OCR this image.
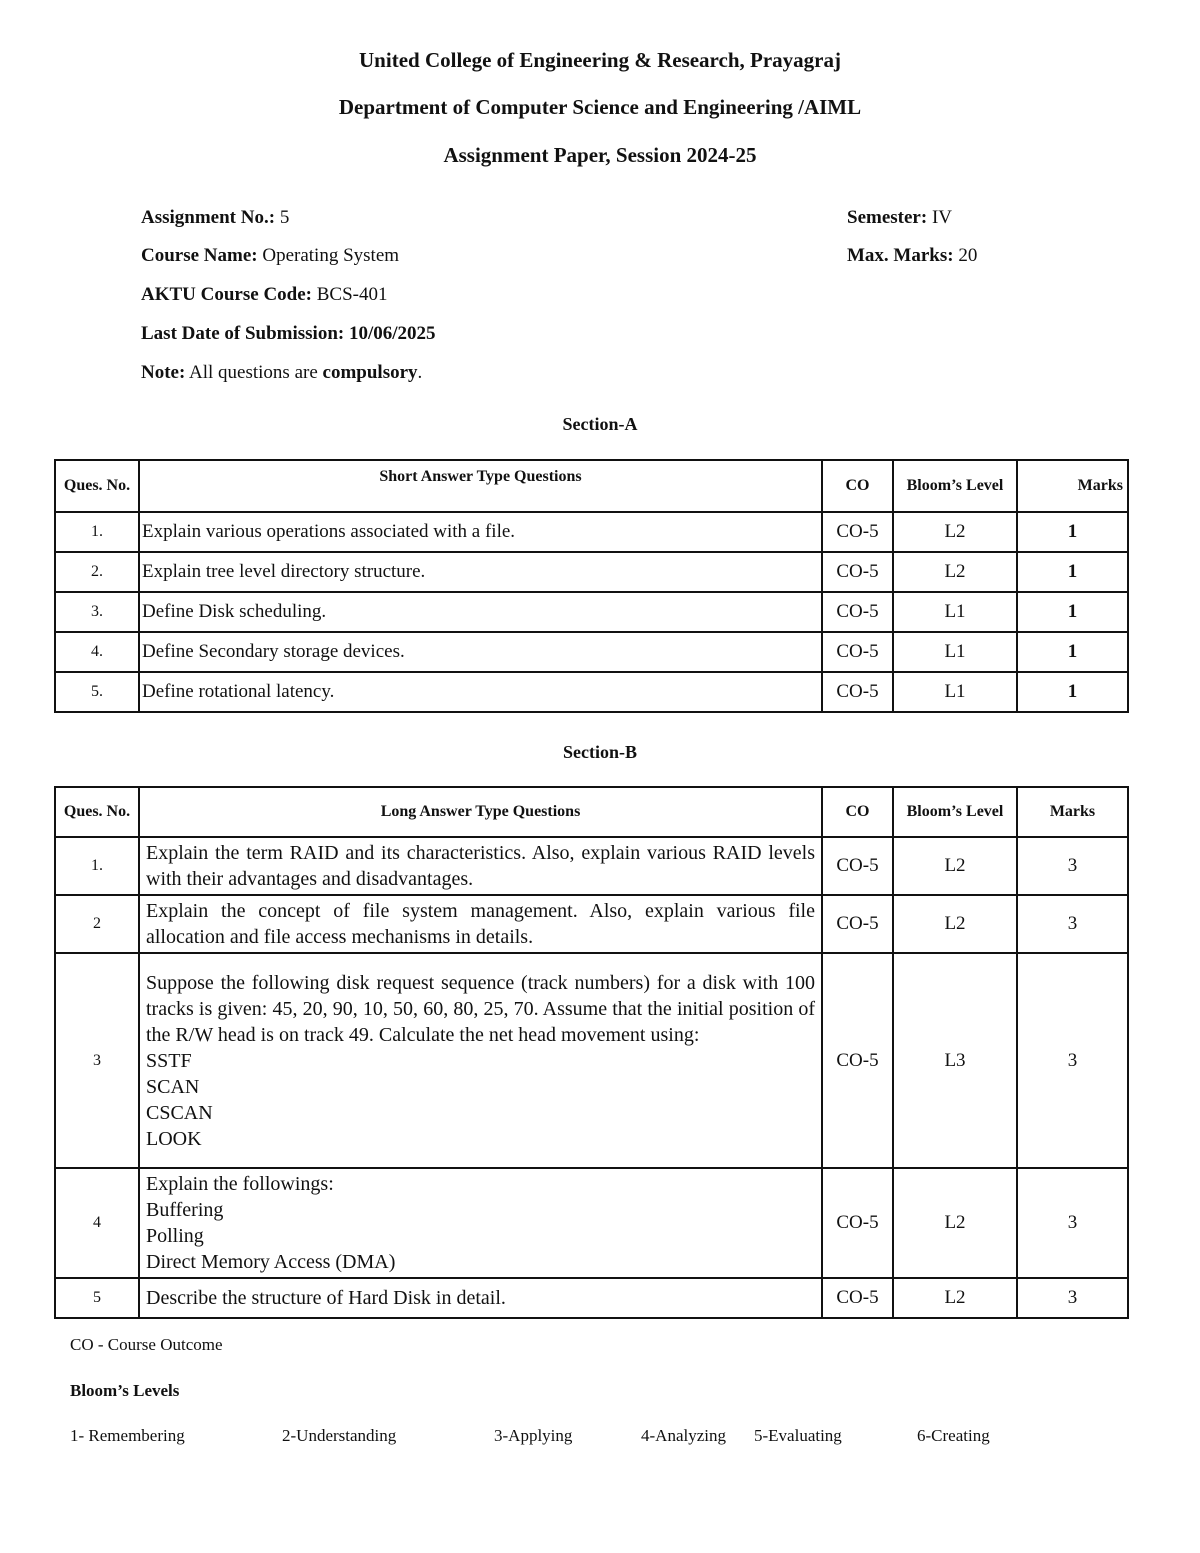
United College of Engineering & Research, Prayagraj
Department of Computer Science and Engineering /AIML
Assignment Paper, Session 2024-25
Assignment No.: 5	Semester: IV
Course Name: Operating System	Max. Marks: 20
AKTU Course Code: BCS-401
Last Date of Submission: 10/06/2025
Note: All questions are compulsory.
Section-A
Ques. No.	Short Answer Type Questions	CO	Bloom’s Level	Marks
1.	Explain various operations associated with a file.	CO-5	L2	1
2.	Explain tree level directory structure.	CO-5	L2	1
3.	Define Disk scheduling.	CO-5	L1	1
4.	Define Secondary storage devices.	CO-5	L1	1
5.	Define rotational latency.	CO-5	L1	1
Section-B
Ques. No.	Long Answer Type Questions	CO	Bloom’s Level	Marks
1.	Explain the term RAID and its characteristics. Also, explain various RAID levels with their advantages and disadvantages.	CO-5	L2	3
2	Explain the concept of file system management. Also, explain various file allocation and file access mechanisms in details.	CO-5	L2	3
3	Suppose the following disk request sequence (track numbers) for a disk with 100 tracks is given: 45, 20, 90, 10, 50, 60, 80, 25, 70. Assume that the initial position of the R/W head is on track 49. Calculate the net head movement using:
SSTF
SCAN
CSCAN
LOOK	CO-5	L3	3
4	Explain the followings:
Buffering
Polling
Direct Memory Access (DMA)	CO-5	L2	3
5	Describe the structure of Hard Disk in detail.	CO-5	L2	3
CO - Course Outcome
Bloom’s Levels
1- Remembering	2-Understanding	3-Applying	4-Analyzing 5-Evaluating	6-Creating
